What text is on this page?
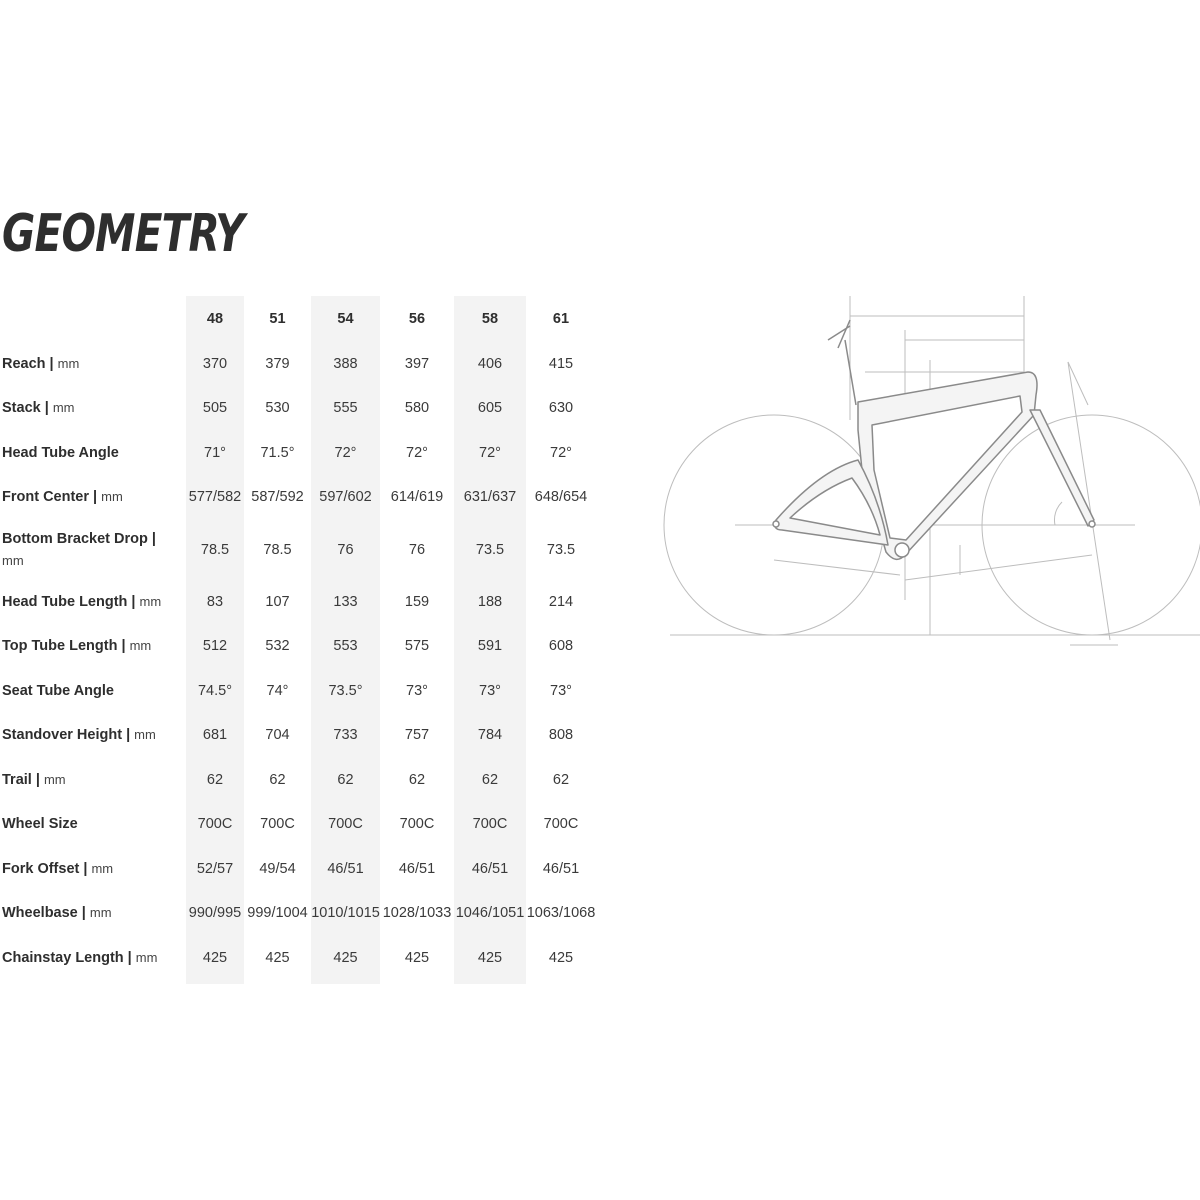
GEOMETRY
	48	51	54	56	58	61
Reach | mm	370	379	388	397	406	415
Stack | mm	505	530	555	580	605	630
Head Tube Angle	71°	71.5°	72°	72°	72°	72°
Front Center | mm	577/582	587/592	597/602	614/619	631/637	648/654
Bottom Bracket Drop |
mm	78.5	78.5	76	76	73.5	73.5
Head Tube Length | mm	83	107	133	159	188	214
Top Tube Length | mm	512	532	553	575	591	608
Seat Tube Angle	74.5°	74°	73.5°	73°	73°	73°
Standover Height | mm	681	704	733	757	784	808
Trail | mm	62	62	62	62	62	62
Wheel Size	700C	700C	700C	700C	700C	700C
Fork Offset | mm	52/57	49/54	46/51	46/51	46/51	46/51
Wheelbase | mm	990/995	999/1004	1010/1015	1028/1033	1046/1051	1063/1068
Chainstay Length | mm	425	425	425	425	425	425
